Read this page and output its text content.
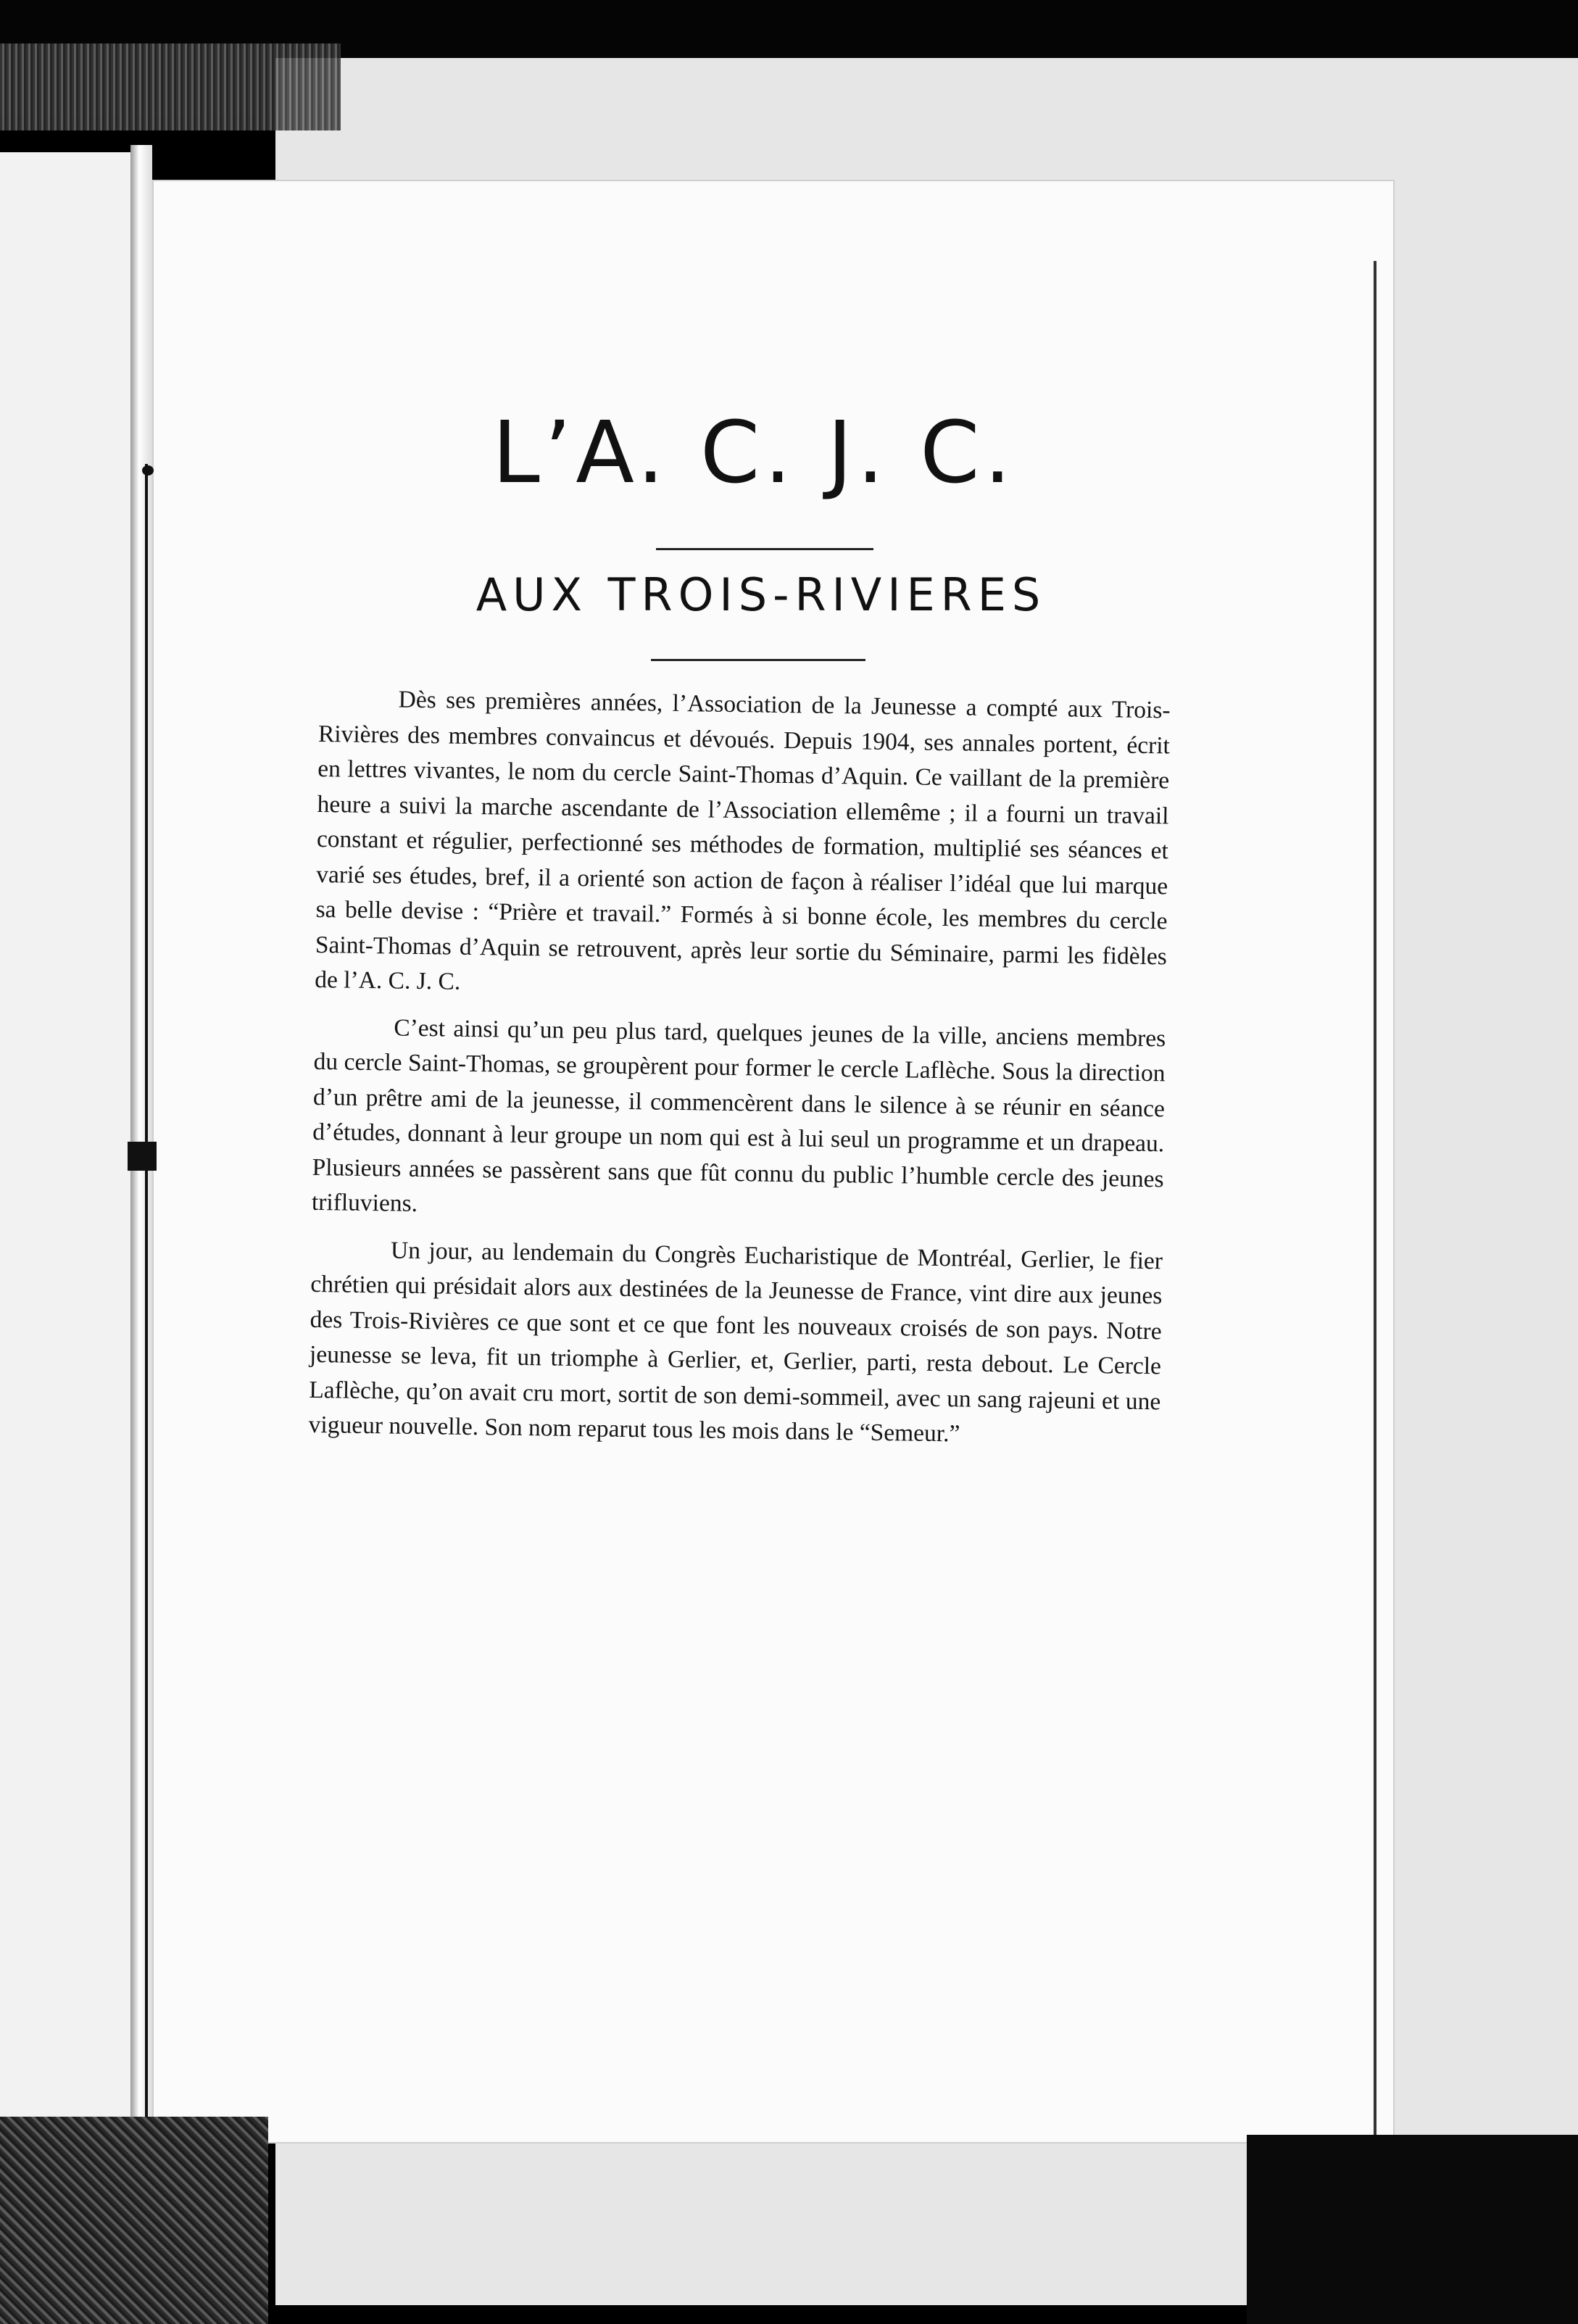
L’A. C. J. C.
AUX TROIS-RIVIERES

Dès ses premières années, l’Association de la Jeunesse a compté aux Trois-Rivières des membres convaincus et dévoués. Depuis 1904, ses annales portent, écrit en lettres vivantes, le nom du cercle Saint-Thomas d’Aquin. Ce vaillant de la première heure a suivi la marche ascendante de l’Association ellemême ; il a fourni un travail constant et régulier, perfectionné ses méthodes de formation, multiplié ses séances et varié ses études, bref, il a orienté son action de façon à réaliser l’idéal que lui marque sa belle devise : “Prière et travail.” Formés à si bonne école, les membres du cercle Saint-Thomas d’Aquin se retrouvent, après leur sortie du Séminaire, parmi les fidèles de l’A. C. J. C.

C’est ainsi qu’un peu plus tard, quelques jeunes de la ville, anciens membres du cercle Saint-Thomas, se groupèrent pour former le cercle Laflèche. Sous la direction d’un prêtre ami de la jeunesse, il commencèrent dans le silence à se réunir en séance d’études, donnant à leur groupe un nom qui est à lui seul un programme et un drapeau. Plusieurs années se passèrent sans que fût connu du public l’humble cercle des jeunes trifluviens.

Un jour, au lendemain du Congrès Eucharistique de Montréal, Gerlier, le fier chrétien qui présidait alors aux destinées de la Jeunesse de France, vint dire aux jeunes des Trois-Rivières ce que sont et ce que font les nouveaux croisés de son pays. Notre jeunesse se leva, fit un triomphe à Gerlier, et, Gerlier, parti, resta debout. Le Cercle Laflèche, qu’on avait cru mort, sortit de son demi-sommeil, avec un sang rajeuni et une vigueur nouvelle. Son nom reparut tous les mois dans le “Semeur.”
